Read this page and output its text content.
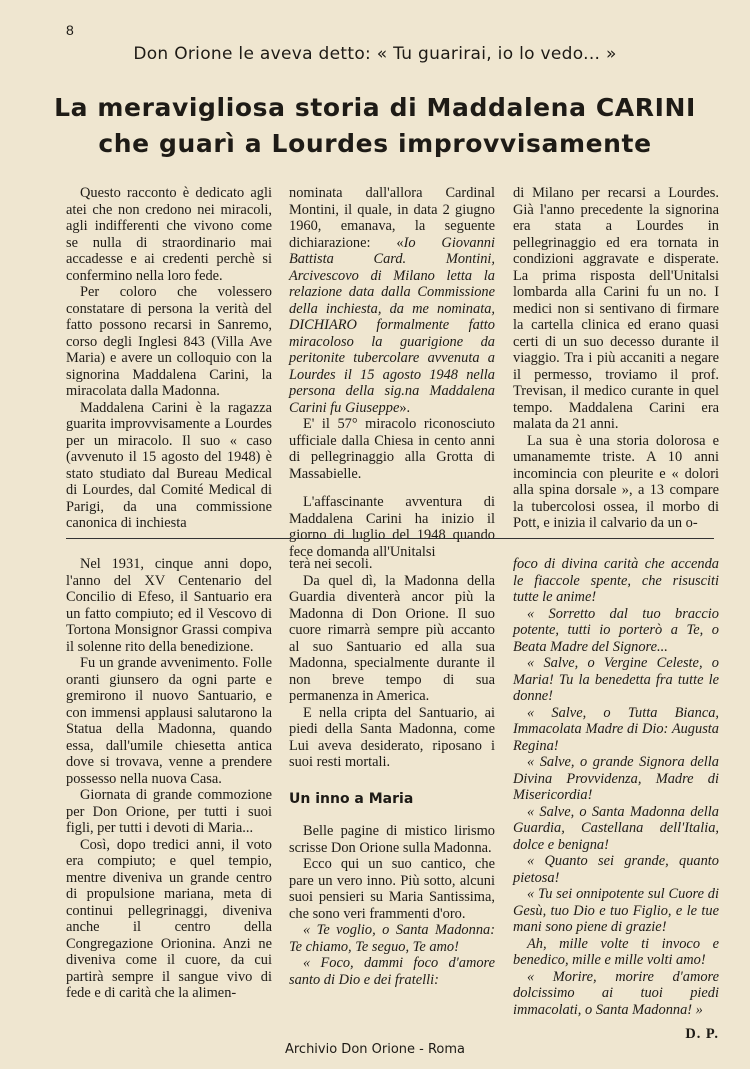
8
Don Orione le aveva detto: « Tu guarirai, io lo vedo... »
La meravigliosa storia di Maddalena CARINI
che guarì a Lourdes improvvisamente

Questo racconto è dedicato agli atei che non credono nei miracoli, agli indifferenti che vivono come se nulla di straordinario mai accadesse e ai credenti perchè si confermino nella loro fede.

Per coloro che volessero constatare di persona la verità del fatto possono recarsi in Sanremo, corso degli Inglesi 843 (Villa Ave Maria) e avere un colloquio con la signorina Maddalena Carini, la miracolata dalla Madonna.

Maddalena Carini è la ragazza guarita improvvisamente a Lourdes per un miracolo. Il suo « caso (avvenuto il 15 agosto del 1948) è stato studiato dal Bureau Medical di Lourdes, dal Comité Medical di Parigi, da una commissione canonica di inchiesta

nominata dall'allora Cardinal Montini, il quale, in data 2 giugno 1960, emanava, la seguente dichiarazione: «Io Giovanni Battista Card. Montini, Arcivescovo di Milano letta la relazione data dalla Commissione della inchiesta, da me nominata, DICHIARO formalmente fatto miracoloso la guarigione da peritonite tubercolare avvenuta a Lourdes il 15 agosto 1948 nella persona della sig.na Maddalena Carini fu Giuseppe».

E' il 57° miracolo riconosciuto ufficiale dalla Chiesa in cento anni di pellegrinaggio alla Grotta di Massabielle.

L'affascinante avventura di Maddalena Carini ha inizio il giorno di luglio del 1948 quando fece domanda all'Unitalsi

di Milano per recarsi a Lourdes. Già l'anno precedente la signorina era stata a Lourdes in pellegrinaggio ed era tornata in condizioni aggravate e disperate. La prima risposta dell'Unitalsi lombarda alla Carini fu un no. I medici non si sentivano di firmare la cartella clinica ed erano quasi certi di un suo decesso durante il viaggio. Tra i più accaniti a negare il permesso, troviamo il prof. Trevisan, il medico curante in quel tempo. Maddalena Carini era malata da 21 anni.

La sua è una storia dolorosa e umanamemte triste. A 10 anni incomincia con pleurite e « dolori alla spina dorsale », a 13 compare la tubercolosi ossea, il morbo di Pott, e inizia il calvario da un o-

Nel 1931, cinque anni dopo, l'anno del XV Centenario del Concilio di Efeso, il Santuario era un fatto compiuto; ed il Vescovo di Tortona Monsignor Grassi compiva il solenne rito della benedizione.

Fu un grande avvenimento. Folle oranti giunsero da ogni parte e gremirono il nuovo Santuario, e con immensi applausi salutarono la Statua della Madonna, quando essa, dall'umile chiesetta antica dove si trovava, venne a prendere possesso nella nuova Casa.

Giornata di grande commozione per Don Orione, per tutti i suoi figli, per tutti i devoti di Maria...

Così, dopo tredici anni, il voto era compiuto; e quel tempio, mentre diveniva un grande centro di propulsione mariana, meta di continui pellegrinaggi, diveniva anche il centro della Congregazione Orionina. Anzi ne diveniva come il cuore, da cui partirà sempre il sangue vivo di fede e di carità che la alimen-

terà nei secoli.

Da quel dì, la Madonna della Guardia diventerà ancor più la Madonna di Don Orione. Il suo cuore rimarrà sempre più accanto al suo Santuario ed alla sua Madonna, specialmente durante il non breve tempo di sua permanenza in America.

E nella cripta del Santuario, ai piedi della Santa Madonna, come Lui aveva desiderato, riposano i suoi resti mortali.

Un inno a Maria

Belle pagine di mistico lirismo scrisse Don Orione sulla Madonna.

Ecco qui un suo cantico, che pare un vero inno. Più sotto, alcuni suoi pensieri su Maria Santissima, che sono veri frammenti d'oro.

« Te voglio, o Santa Madonna: Te chiamo, Te seguo, Te amo!

« Foco, dammi foco d'amore santo di Dio e dei fratelli:

foco di divina carità che accenda le fiaccole spente, che risusciti tutte le anime!

« Sorretto dal tuo braccio potente, tutti io porterò a Te, o Beata Madre del Signore...

« Salve, o Vergine Celeste, o Maria! Tu la benedetta fra tutte le donne!

« Salve, o Tutta Bianca, Immacolata Madre di Dio: Augusta Regina!

« Salve, o grande Signora della Divina Provvidenza, Madre di Misericordia!

« Salve, o Santa Madonna della Guardia, Castellana dell'Italia, dolce e benigna!

« Quanto sei grande, quanto pietosa!

« Tu sei onnipotente sul Cuore di Gesù, tuo Dio e tuo Figlio, e le tue mani sono piene di grazie!

Ah, mille volte ti invoco e benedico, mille e mille volti amo!

« Morire, morire d'amore dolcissimo ai tuoi piedi immacolati, o Santa Madonna! »

D. P.

Archivio Don Orione - Roma
